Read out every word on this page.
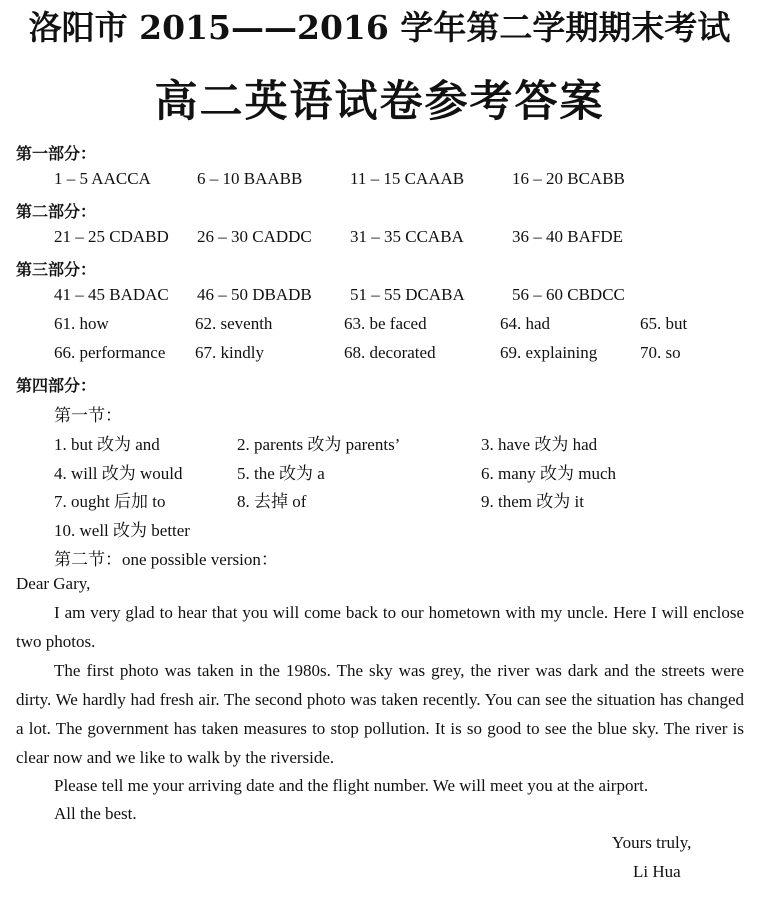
洛阳市 2015——2016 学年第二学期期末考试
高二英语试卷参考答案
第一部分：
1 – 5 AACCA	6 – 10 BAABB	11 – 15 CAAAB	16 – 20 BCABB
第二部分：
21 – 25 CDABD 26 – 30 CADDC 31 – 35 CCABA	36 – 40 BAFDE
第三部分：
41 – 45 BADAC 46 – 50 DBADB 51 – 55 DCABA	56 – 60 CBDCC
61. how	62. seventh	63. be faced	64. had	65. but
66. performance 67. kindly	68. decorated	69. explaining	70. so
第四部分：
第一节：
1. but 改为 and	2. parents 改为 parents’	3. have 改为 had
4. will 改为 would	5. the 改为 a	6. many 改为 much
7. ought 后加 to	8. 去掉 of	9. them 改为 it
10. well 改为 better
第二节：one possible version：
Dear Gary,

I am very glad to hear that you will come back to our hometown with my uncle. Here I will enclose two photos.

The first photo was taken in the 1980s. The sky was grey, the river was dark and the streets were dirty. We hardly had fresh air. The second photo was taken recently. You can see the situation has changed a lot. The government has taken measures to stop pollution. It is so good to see the blue sky. The river is clear now and we like to walk by the riverside.

Please tell me your arriving date and the flight number. We will meet you at the airport.
All the best.
Yours truly,
Li Hua
